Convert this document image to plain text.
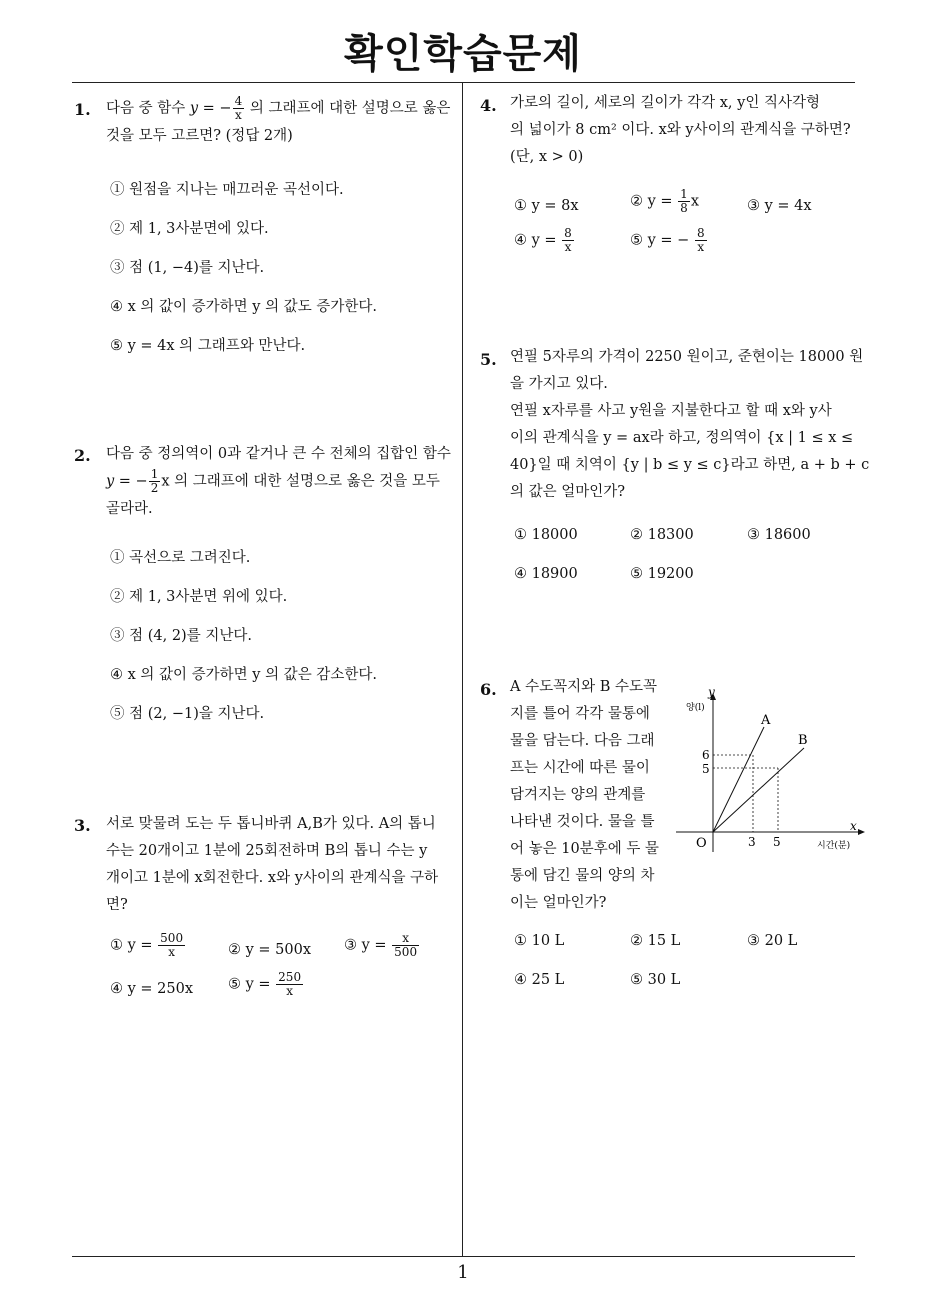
확인학습문제
1
1. 다음 중 함수 y = − $\frac{4}{x}$ 의 그래프에 대한 설명으로 옳은
것을 모두 고르면? (정답 2개)
① 원점을 지나는 매끄러운 곡선이다.
② 제 1, 3사분면에 있다.
③ 점 (1, −4)를 지난다.
④ x 의 값이 증가하면 y 의 값도 증가한다.
⑤ y = 4x 의 그래프와 만난다.
2. 다음 중 정의역이 0과 같거나 큰 수 전체의 집합인 함수
y = − $\frac{1}{2}$ x 의 그래프에 대한 설명으로 옳은 것을 모두
골라라.
① 곡선으로 그려진다.
② 제 1, 3사분면 위에 있다.
③ 점 (4, 2)를 지난다.
④ x 의 값이 증가하면 y 의 값은 감소한다.
⑤ 점 (2, −1)을 지난다.
3. 서로 맞물려 도는 두 톱니바퀴 A,B가 있다. A의 톱니
수는 20개이고 1분에 25회전하며 B의 톱니 수는 y
개이고 1분에 x회전한다. x와 y사이의 관계식을 구하
면?
① $y = \frac{500}{x}$	② y = 500x ③ $y = \frac{x}{500}$
④ y = 250x ⑤ $y = \frac{250}{x}$
4. 가로의 길이, 세로의 길이가 각각 x, y인 직사각형
의 넓이가 8 cm² 이다. x와 y사이의 관계식을 구하면?
(단, x > 0)
① y = 8x	② $y = \frac{1}{8}$ x	③ y = 4x
④ $y = \frac{8}{x}$	⑤ y = − $\frac{8}{x}$
5. 연필 5자루의 가격이 2250 원이고, 준현이는 18000 원
을 가지고 있다.
연필 x자루를 사고 y원을 지불한다고 할 때 x와 y사
이의 관계식을 y = ax라 하고, 정의역이 {x | 1 ≤ x ≤
40}일 때 치역이 {y | b ≤ y ≤ c}라고 하면, a + b + c
의 값은 얼마인가?
① 18000	② 18300	③ 18600
④ 18900	⑤ 19200
6. A 수도꼭지와 B 수도꼭
지를 틀어 각각 물통에
물을 담는다. 다음 그래
프는 시간에 따른 물이
담겨지는 양의 관계를
나타낸 것이다. 물을 틀
어 놓은 10분후에 두 물
통에 담긴 물의 양의 차
이는 얼마인가?
y
양(l)
x
시간(분)
O	3 5
6
5
A
B
① 10 L	② 15 L	③ 20 L
④ 25 L	⑤ 30 L
